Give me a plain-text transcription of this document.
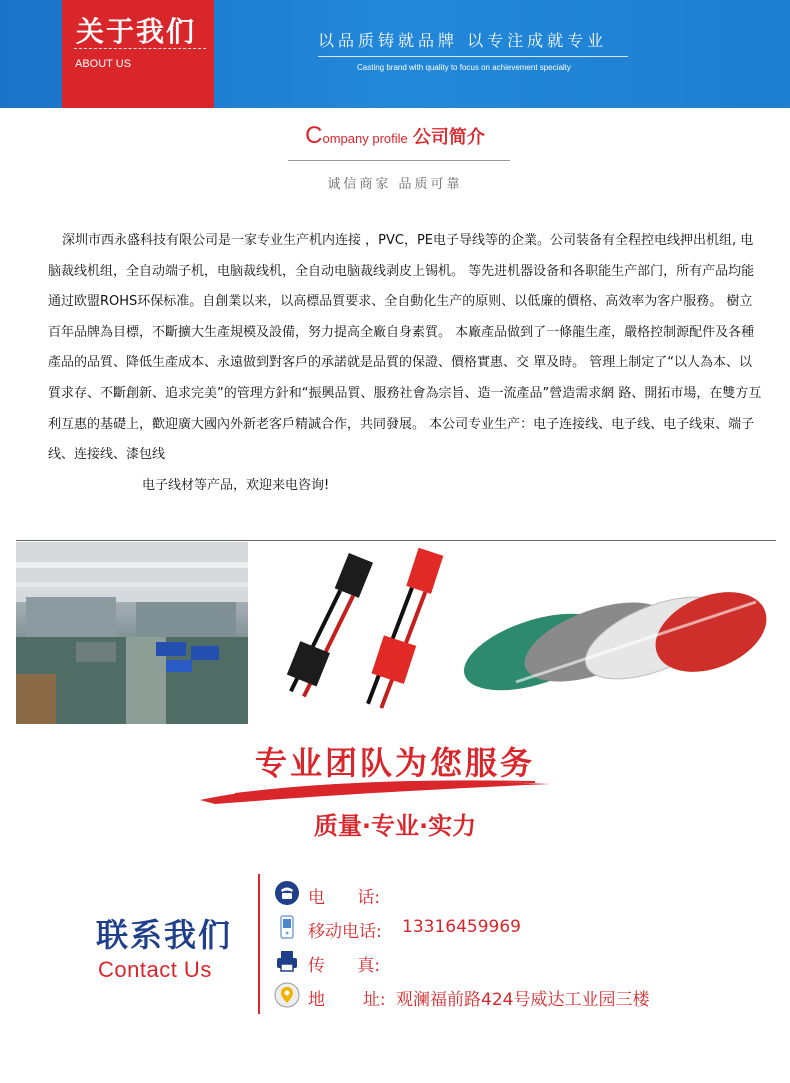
关于我们
ABOUT US
以品质铸就品牌 以专注成就专业
Casting brand with quality to focus on achievement specialty
Company profile 公司简介
诚信商家 品质可靠

深圳市西永盛科技有限公司是一家专业生产机内连接 ，PVC，PE电子导线等的企業。公司装备有全程控电线押出机组, 电脑裁线机组，全自动端子机，电脑裁线机，全自动电脑裁线剥皮上锡机。 等先进机器设备和各职能生产部门，所有产品均能通过欧盟ROHS环保标准。自創業以来，以高標品質要求、全自動化生产的原则、以低廉的價格、高效率为客户服務。 樹立百年品牌為目標，不斷擴大生產規模及設備，努力提高全廠自身素質。 本廠產品做到了一條龍生產，嚴格控制源配件及各種產品的品質、降低生產成本、永遠做到對客戶的承諾就是品質的保證、價格實惠、交 單及時。 管理上制定了“以人為本、以質求存、不斷創新、追求完美”的管理方針和“振興品質、服務社會為宗旨、造一流產品”營造需求網 路、開拓市場，在雙方互利互惠的基礎上，歡迎廣大國內外新老客戶精誠合作，共同發展。 本公司专业生产：电子连接线、电子线、电子线束、端子线、连接线、漆包线

电子线材等产品，欢迎来电咨询!

专业团队为您服务
质量·专业·实力
联系我们
Contact Us
电      话:
移动电话: 13316459969
传      真:
地       址: 观澜福前路424号威达工业园三楼
